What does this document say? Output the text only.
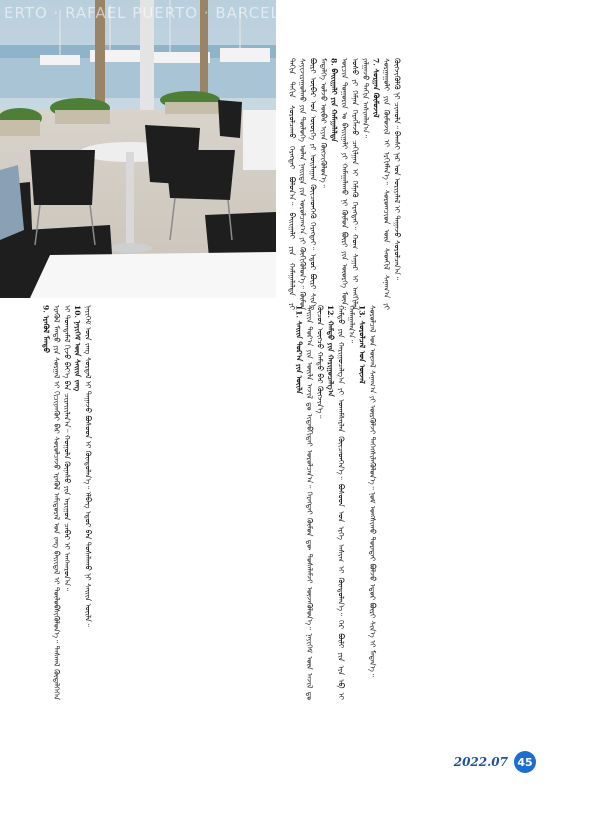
ERTO · RAFAEL PUERTO · BARCELONA
ᠳᠠᠬᠢᠨ ᠳᠠᠬᠢᠨ ᠰᠤᠷᠤᠯᠴᠠᠬᠤ ᠬᠡᠷᠡᠭᠲᠡᠢ ᠪᠣᠯᠤᠨ᠎ᠠ᠃ ᠪᠠᠢᠢᠭᠠᠯᠢ ᠶᠢᠨ ᠬᠠᠮᠠᠭᠠᠯᠠᠯᠲᠠ ᠶᠢ ᠰᠠᠶᠢᠵᠢᠷᠠᠭᠤᠯᠬᠤ ᠶᠢᠨ ᠲᠥᠯᠥᠭᠡ ᠣᠯᠠᠨ ᠨᠡᠢᠢᠲᠡ ᠶᠢᠨ ᠣᠷᠤᠯᠴᠠᠭ᠎ᠠ ᠶᠢ ᠬᠥᠬᠢᠭᠦᠯᠦᠨ᠎ᠡ᠃ ᠬᠦᠮᠦᠨ ᠪᠦᠷᠢ ᠥᠪᠡᠷ ᠤᠨ ᠦᠦᠷᠭᠡ ᠶᠢ ᠣᠢᠯᠠᠭᠠᠨ ᠭᠦᠢᠴᠡᠳᠬᠡᠬᠦ ᠬᠡᠷᠡᠭᠲᠡᠢ᠃ ᠡᠳᠦᠷ ᠪᠦᠷᠢ ᠰᠢᠨ᠎ᠡ ᠮᠡᠳᠡᠯᠭᠡ ᠣᠯᠵᠤ ᠥᠪᠡᠷ ᠢᠶᠡᠨ ᠬᠥᠭᠵᠢᠭᠦᠯᠦᠨ᠎ᠡ᠃ 8. ᠪᠠᠢᠢᠭᠠᠯᠢ ᠶᠢᠨ ᠬᠠᠮᠠᠭᠠᠯᠠᠯᠲᠠ ᠣᠷᠴᠢᠨ ᠲᠣᠭᠣᠷᠢᠨ ᠤ ᠪᠠᠢᠢᠭᠠᠯᠢ ᠶᠢ ᠬᠠᠮᠠᠭᠠᠯᠠᠬᠤ ᠨᠢ ᠬᠦᠮᠦᠨ ᠪᠦᠷᠢ ᠶᠢᠨ ᠦᠦᠷᠭᠡ ᠮᠥᠨ᠃ ᠤᠰᠤ ᠶᠢ ᠬᠡᠮᠨᠡᠨ ᠬᠡᠷᠡᠭᠯᠡᠵᠦ ᠴᠠᠬᠢᠯᠭᠠᠨ ᠢ ᠬᠡᠮᠨᠡᠬᠦ ᠬᠡᠷᠡᠭᠲᠡᠢ᠃ ᠬᠣᠭ ᠰᠠᠭᠠᠷ ᠢ ᠠᠩᠭᠢᠯᠠᠨ ᠶᠠᠯᠭᠠᠵᠤ ᠳᠠᠬᠢᠨ ᠠᠰᠢᠭᠯᠠᠨ᠎ᠠ᠃ 7. ᠰᠤᠷᠭᠠᠨ ᠬᠦᠮᠦᠵᠢᠯ ᠰᠤᠷᠭᠠᠭᠤᠯᠢ ᠶᠢᠨ ᠬᠦᠮᠦᠵᠢᠯ ᠢ ᠡᠷᠬᠢᠮᠯᠡᠨ᠎ᠡ᠃ ᠰᠤᠷᠤᠭᠴᠢᠳ ᠦᠨ ᠰᠡᠳᠬᠢᠯ ᠰᠠᠨᠠᠭ᠎ᠠ ᠶᠢ ᠬᠥᠭᠵᠢᠭᠦᠯᠬᠦ ᠨᠢ ᠴᠢᠬᠤᠯᠠ᠃ ᠪᠠᠭᠰᠢ ᠨᠠᠷ ᠤᠨ ᠤᠷᠢᠶᠠᠯᠠᠯ ᠢ ᠳᠠᠭᠠᠵᠤ ᠰᠤᠷᠤᠯᠴᠠᠨ᠎ᠠ᠃
9. ᠡᠷᠡᠭᠦᠯ ᠮᠡᠨᠳᠦ ᠡᠷᠡᠭᠦᠯ ᠮᠡᠨᠳᠦ ᠶᠢᠨ ᠰᠤᠷᠭᠠᠯ ᠢ ᠬᠢᠴᠢᠶᠡᠨᠭᠦᠢ ᠪᠠᠷ ᠰᠤᠷᠤᠯᠴᠠᠵᠤ ᠡᠷᠡᠭᠦᠯ ᠠᠮᠢᠳᠤᠷᠠᠯ ᠤᠨ ᠵᠠᠩ ᠪᠠᠢᠢᠳᠠᠯ ᠢ ᠲᠥᠯᠥᠪᠰᠢᠭᠦᠯᠦᠨ᠎ᠡ᠃ ᠳᠠᠰᠬᠠᠯ ᠬᠥᠳᠡᠯᠭᠡᠭᠡᠨ ᠢ ᠲᠣᠭᠲᠠᠮᠠᠯ ᠬᠢᠵᠦ ᠪᠡᠶ᠎ᠡ ᠪᠡᠨ ᠴᠢᠷᠠᠢᠢᠯᠠᠨ᠎ᠠ᠃ ᠬᠣᠭᠣᠯᠠ ᠬᠦᠨᠡᠰᠦ ᠶᠢᠨ ᠠᠷᠢᠭᠤᠨ ᠴᠡᠪᠡᠷ ᠢ ᠠᠩᠬᠠᠷᠤᠨ᠎ᠠ᠃ 10. ᠨᠡᠶᠢᠭᠡᠮ ᠦᠨ ᠰᠠᠢᠢᠨ ᠵᠠᠩ ᠨᠡᠶᠢᠭᠡᠮ ᠦᠨ ᠵᠠᠩ ᠰᠤᠷᠲᠠᠯ ᠢ ᠳᠠᠭᠠᠵᠤ ᠪᠤᠰᠤᠳ ᠢ ᠬᠦᠨᠳᠦᠯᠡᠨ᠎ᠡ᠃ ᠡᠯᠪᠡᠭ ᠡᠳᠦᠷ ᠪᠠᠨ ᠲᠤᠰᠠᠯᠠᠬᠤ ᠨᠢ ᠰᠠᠢᠢᠨ ᠦᠢᠯᠡ᠃	11. ᠰᠠᠢᠢᠨ ᠳᠤᠷ᠎ᠠ ᠶᠢᠨ ᠦᠢᠯᠡ ᠰᠠᠢᠢᠨ ᠳᠤᠷ᠎ᠠ ᠶᠢᠨ ᠦᠢᠯᠡ ᠠᠵᠢᠯ ᠳᠤ ᠢᠳᠡᠪᠬᠢᠲᠡᠢ ᠣᠷᠤᠯᠴᠠᠨ᠎ᠠ᠃ ᠬᠡᠷᠡᠭᠲᠡᠢ ᠬᠦᠮᠦᠨ ᠳᠦ ᠲᠤᠰᠠᠯᠠᠮᠵᠢ ᠦᠵᠡᠭᠦᠯᠦᠨ᠎ᠡ᠃ ᠨᠡᠶᠢᠭᠡᠮ ᠦᠨ ᠠᠵᠢᠯ ᠳᠤ ᠬᠥᠴᠥᠨ ᠥᠭᠴᠦ ᠬᠠᠮᠲᠤ ᠪᠡᠷ ᠬᠥᠭᠵᠢᠨ᠎ᠡ᠃ 12. ᠬᠠᠮᠲᠤ ᠶᠢᠨ ᠬᠠᠷᠢᠭᠤᠴᠠᠯᠭ᠎ᠠ ᠬᠠᠮᠲᠤ ᠶᠢᠨ ᠬᠠᠷᠢᠭᠤᠴᠠᠯᠭ᠎ᠠ ᠶᠢ ᠤᠬᠠᠮᠰᠠᠷᠯᠠᠨ ᠭᠦᠢᠴᠡᠳᠬᠡᠨ᠎ᠡ᠃ ᠪᠤᠰᠤᠳ ᠤᠨ ᠡᠷᠬᠡ ᠠᠰᠢᠭ ᠢ ᠬᠦᠨᠳᠦᠯᠡᠨ᠎ᠡ᠃ ᠭᠡᠷ ᠪᠦᠯᠢ ᠶᠢᠨ ᠡᠶᠡ ᠡᠪ ᠢ ᠬᠠᠮᠠᠭᠠᠯᠠᠨ᠎ᠠ᠃ 13. ᠰᠤᠷᠤᠯᠴᠠᠯ ᠤᠨ ᠦᠵᠡᠯ ᠰᠤᠷᠤᠯᠴᠠᠯ ᠤᠨ ᠦᠵᠡᠯ ᠰᠠᠨᠠᠭ᠎ᠠ ᠶᠢ ᠦᠷᠭᠦᠯᠵᠢ ᠳᠡᠭᠡᠭᠰᠢᠯᠡᠭᠦᠯᠦᠨ᠎ᠡ᠃ ᠨᠣᠮ ᠤᠩᠰᠢᠬᠤ ᠳᠤᠷᠠᠲᠠᠢ ᠪᠣᠯᠵᠤ ᠡᠳᠦᠷ ᠪᠦᠷᠢ ᠰᠢᠨ᠎ᠡ ᠢ ᠮᠡᠳᠡᠨ᠎ᠡ᠃
2022.07 45
